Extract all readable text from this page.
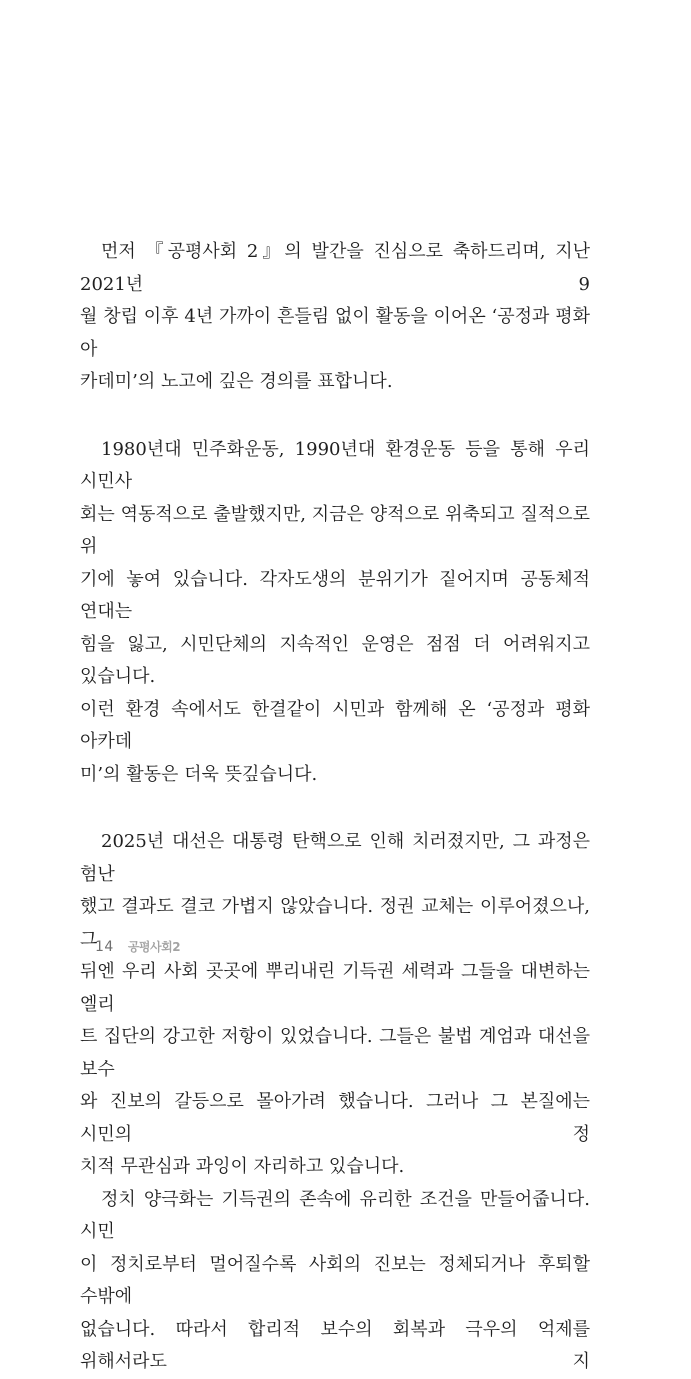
먼저 『공평사회 2』의 발간을 진심으로 축하드리며, 지난 2021년 9
월 창립 이후 4년 가까이 흔들림 없이 활동을 이어온 ‘공정과 평화 아
카데미’의 노고에 깊은 경의를 표합니다.
1980년대 민주화운동, 1990년대 환경운동 등을 통해 우리 시민사
회는 역동적으로 출발했지만, 지금은 양적으로 위축되고 질적으로 위
기에 놓여 있습니다. 각자도생의 분위기가 짙어지며 공동체적 연대는
힘을 잃고, 시민단체의 지속적인 운영은 점점 더 어려워지고 있습니다.
이런 환경 속에서도 한결같이 시민과 함께해 온 ‘공정과 평화 아카데
미’의 활동은 더욱 뜻깊습니다.
2025년 대선은 대통령 탄핵으로 인해 치러졌지만, 그 과정은 험난
했고 결과도 결코 가볍지 않았습니다. 정권 교체는 이루어졌으나, 그
뒤엔 우리 사회 곳곳에 뿌리내린 기득권 세력과 그들을 대변하는 엘리
트 집단의 강고한 저항이 있었습니다. 그들은 불법 계엄과 대선을 보수
와 진보의 갈등으로 몰아가려 했습니다. 그러나 그 본질에는 시민의 정
치적 무관심과 과잉이 자리하고 있습니다.
정치 양극화는 기득권의 존속에 유리한 조건을 만들어줍니다. 시민
이 정치로부터 멀어질수록 사회의 진보는 정체되거나 후퇴할 수밖에
없습니다. 따라서 합리적 보수의 회복과 극우의 억제를 위해서라도 지
14 공평사회2
